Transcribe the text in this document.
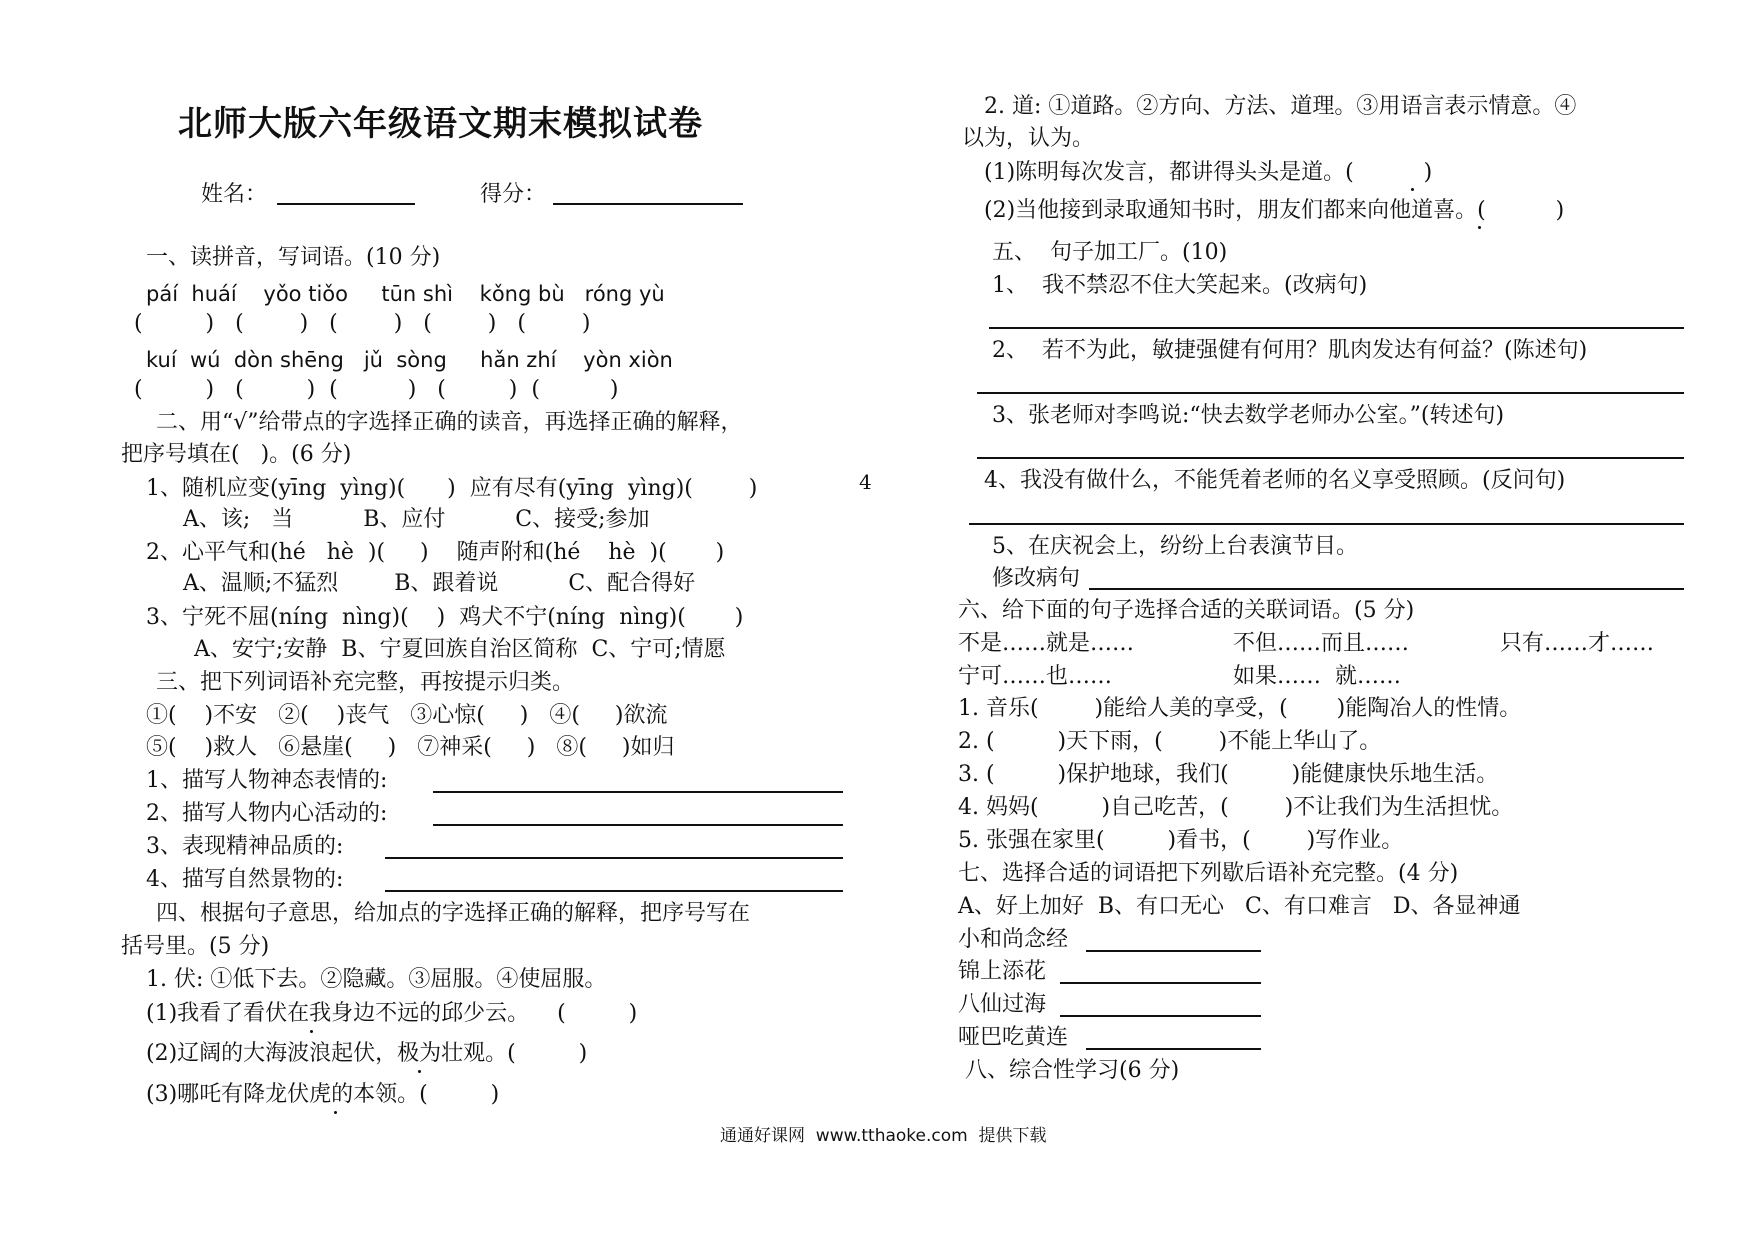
北师大版六年级语文期末模拟试卷
姓名：	得分：
一、读拼音，写词语。(10 分)
páí  huáí    yǒo tiǒo     tūn shì    kǒng bù   róng yù
(         )   (        )   (        )   (        )   (        )
kuí  wú  dòn shēng   jǔ  sòng     hǎn zhí    yòn xiòn
(         )   (         )  (          )   (         )  (          )
二、用“√”给带点的字选择正确的读音，再选择正确的解释，
把序号填在(   )。(6 分)
1、随机应变(yīng  yìng)(      )  应有尽有(yīng  yìng)(        )	4
A、该;   当          B、应付          C、接受;参加
2、心平气和(hé   hè  )(     )    随声附和(hé    hè  )(       )
A、温顺;不猛烈        B、跟着说          C、配合得好
3、宁死不屈(níng  nìng)(    )  鸡犬不宁(níng  nìng)(       )
A、安宁;安静  B、宁夏回族自治区简称  C、宁可;情愿
三、把下列词语补充完整，再按提示归类。
①(    )不安   ②(    )丧气   ③心惊(     )   ④(     )欲流
⑤(    )救人   ⑥悬崖(     )   ⑦神采(     )   ⑧(     )如归
1、描写人物神态表情的:
2、描写人物内心活动的:
3、表现精神品质的:
4、描写自然景物的:
四、根据句子意思，给加点的字选择正确的解释，把序号写在
括号里。(5 分)
1. 伏: ①低下去。②隐藏。③屈服。④使屈服。
(1)我看了看伏在我身边不远的邱少云。    (         )
(2)辽阔的大海波浪起伏，极为壮观。(         )
(3)哪吒有降龙伏虎的本领。(         )
2. 道: ①道路。②方向、方法、道理。③用语言表示情意。④
以为，认为。
(1)陈明每次发言，都讲得头头是道。(          )
(2)当他接到录取通知书时，朋友们都来向他道喜。(          )
五、  句子加工厂。(10)
1、  我不禁忍不住大笑起来。(改病句)
2、  若不为此，敏捷强健有何用？肌肉发达有何益？(陈述句)
3、张老师对李鸣说:“快去数学老师办公室。”(转述句)
4、我没有做什么，不能凭着老师的名义享受照顾。(反问句)
5、在庆祝会上，纷纷上台表演节目。
修改病句
六、给下面的句子选择合适的关联词语。(5 分)
不是……就是……	不但……而且……	只有……才……
宁可……也……	如果……  就……
1. 音乐(        )能给人美的享受，(       )能陶冶人的性情。
2. (         )天下雨，(        )不能上华山了。
3. (         )保护地球，我们(         )能健康快乐地生活。
4. 妈妈(         )自己吃苦，(        )不让我们为生活担忧。
5. 张强在家里(         )看书，(        )写作业。
七、选择合适的词语把下列歇后语补充完整。(4 分)
A、好上加好  B、有口无心   C、有口难言   D、各显神通
小和尚念经
锦上添花
八仙过海
哑巴吃黄连
八、综合性学习(6 分)
通通好课网  www.tthaoke.com  提供下载
